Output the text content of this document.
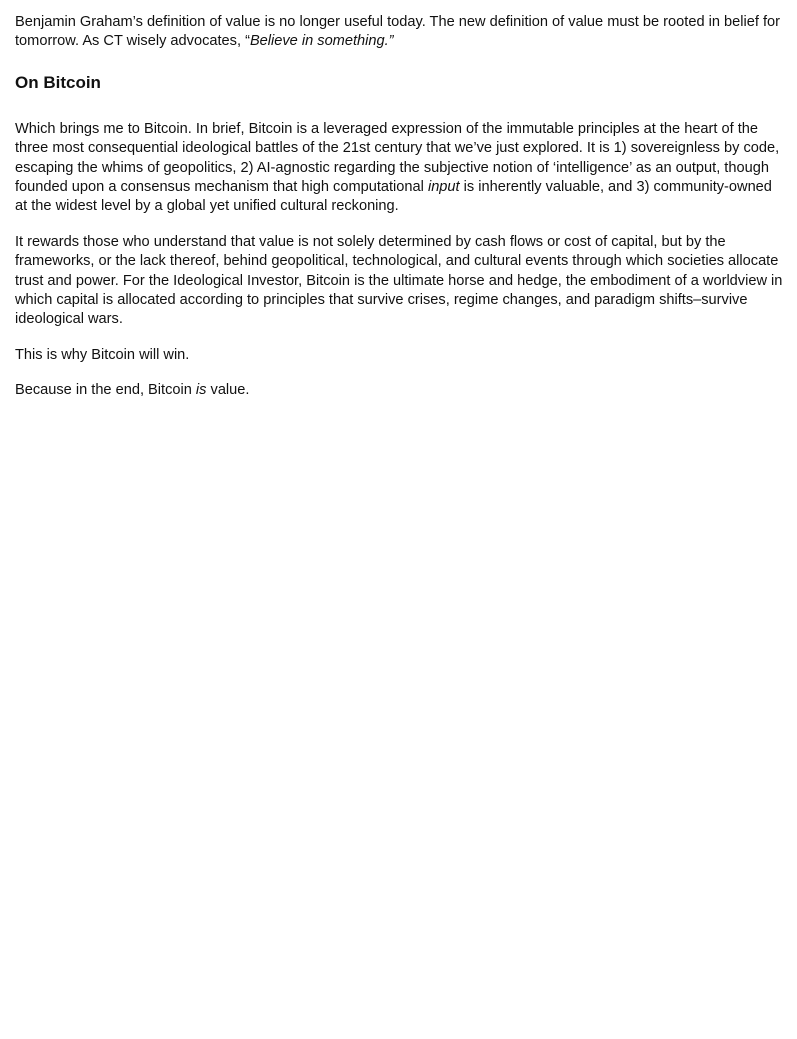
Benjamin Graham’s definition of value is no longer useful today. The new definition of value must be rooted in belief for tomorrow. As CT wisely advocates, “Believe in something.”

On Bitcoin

Which brings me to Bitcoin. In brief, Bitcoin is a leveraged expression of the immutable principles at the heart of the three most consequential ideological battles of the 21st century that we’ve just explored. It is 1) sovereignless by code, escaping the whims of geopolitics, 2) AI-agnostic regarding the subjective notion of ‘intelligence’ as an output, though founded upon a consensus mechanism that high computational input is inherently valuable, and 3) community-owned at the widest level by a global yet unified cultural reckoning.

It rewards those who understand that value is not solely determined by cash flows or cost of capital, but by the frameworks, or the lack thereof, behind geopolitical, technological, and cultural events through which societies allocate trust and power. For the Ideological Investor, Bitcoin is the ultimate horse and hedge, the embodiment of a worldview in which capital is allocated according to principles that survive crises, regime changes, and paradigm shifts–survive ideological wars.

This is why Bitcoin will win.

Because in the end, Bitcoin is value.
